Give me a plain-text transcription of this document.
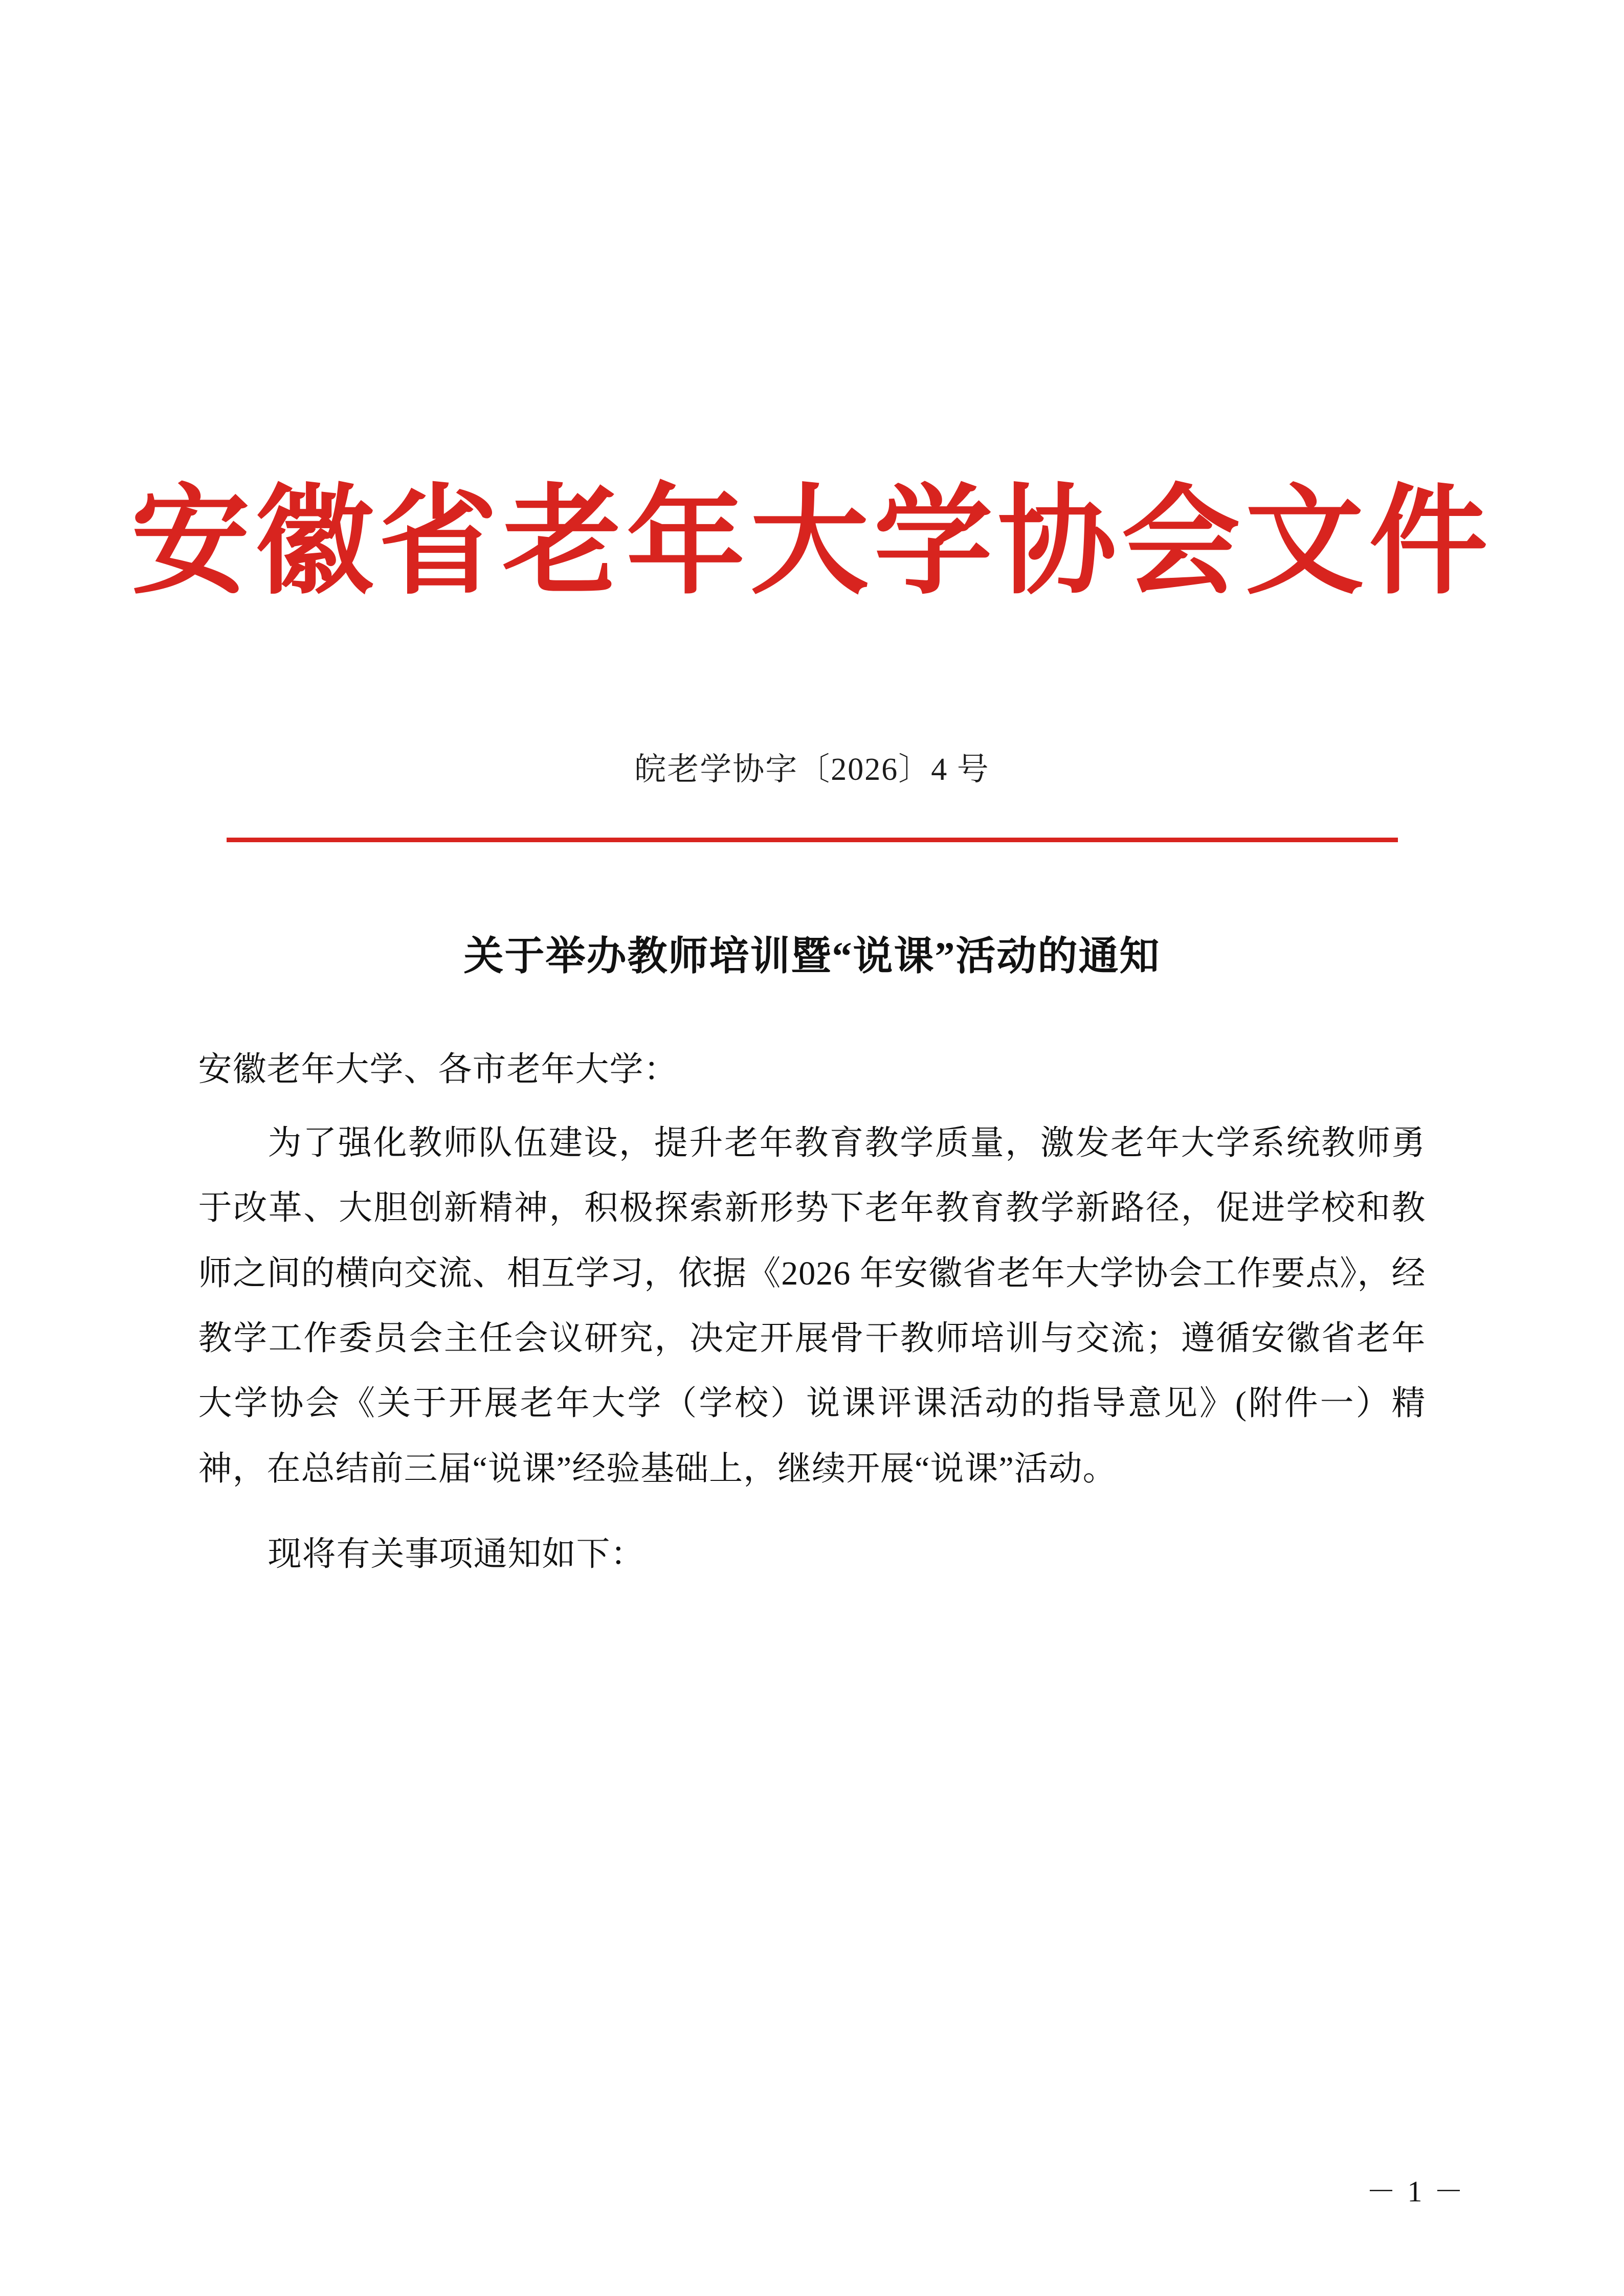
安徽省老年大学协会文件
皖老学协字〔2026〕4 号
关于举办教师培训暨“说课”活动的通知
安徽老年大学、各市老年大学：
为了强化教师队伍建设，提升老年教育教学质量，激发老年大学系统教师勇于改革、大胆创新精神，积极探索新形势下老年教育教学新路径，促进学校和教师之间的横向交流、相互学习，依据《2026 年安徽省老年大学协会工作要点》，经教学工作委员会主任会议研究，决定开展骨干教师培训与交流；遵循安徽省老年大学协会《关于开展老年大学（学校）说课评课活动的指导意见》(附件一）精神，在总结前三届“说课”经验基础上，继续开展“说课”活动。
现将有关事项通知如下：
－ 1 －
